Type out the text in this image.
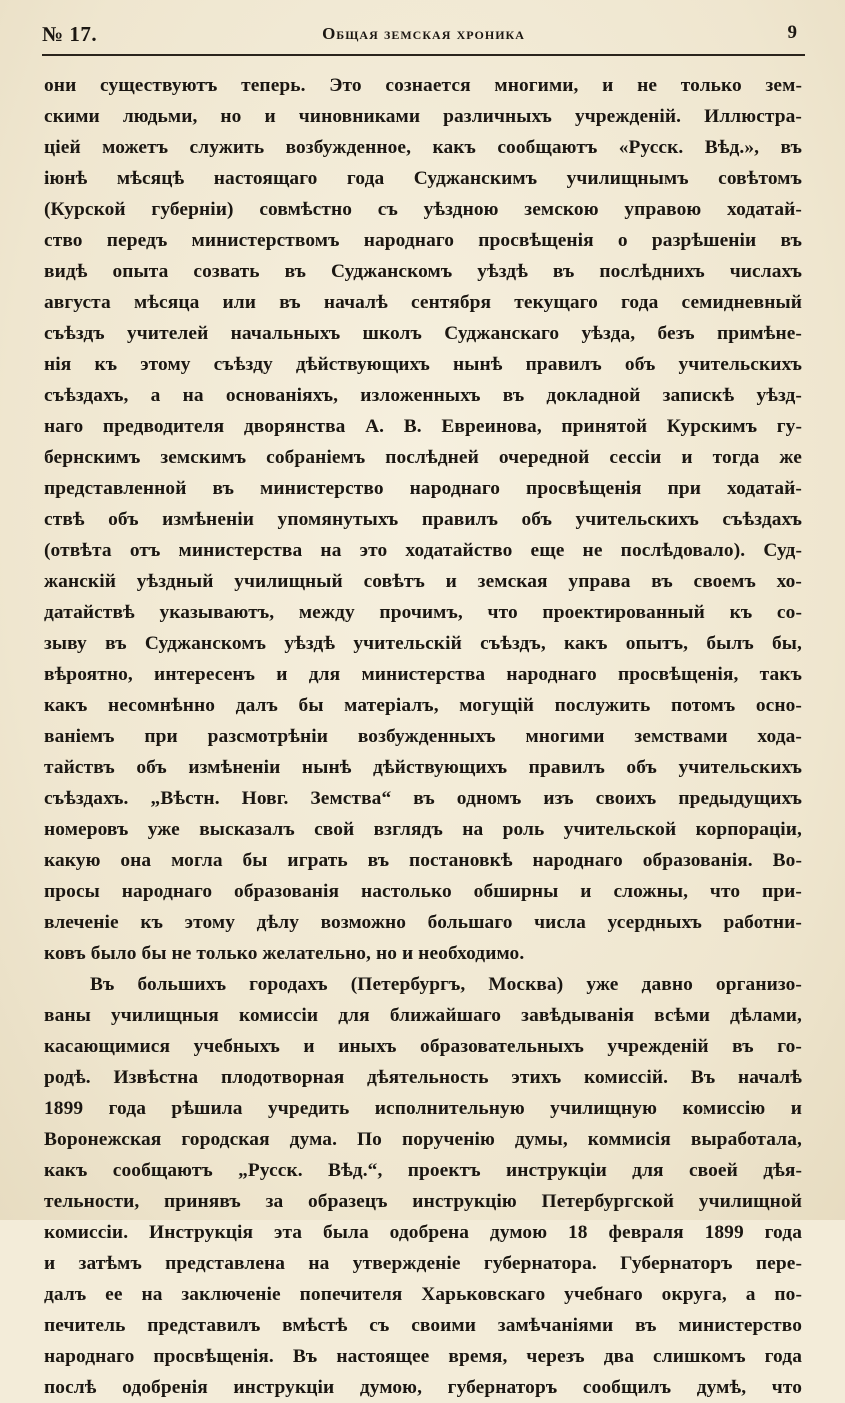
№ 17.	Общая земская хроника	9
они существуютъ теперь. Это сознается многими, и не только зем-
скими людьми, но и чиновниками различныхъ учрежденій. Иллюстра-
ціей можетъ служить возбужденное, какъ сообщаютъ «Русск. Вѣд.», въ
іюнѣ мѣсяцѣ настоящаго года Суджанскимъ училищнымъ совѣтомъ
(Курской губерніи) совмѣстно съ уѣздною земскою управою ходатай-
ство передъ министерствомъ народнаго просвѣщенія о разрѣшеніи въ
видѣ опыта созвать въ Суджанскомъ уѣздѣ въ послѣднихъ числахъ
августа мѣсяца или въ началѣ сентября текущаго года семидневный
съѣздъ учителей начальныхъ школъ Суджанскаго уѣзда, безъ примѣне-
нія къ этому съѣзду дѣйствующихъ нынѣ правилъ объ учительскихъ
съѣздахъ, а на основаніяхъ, изложенныхъ въ докладной запискѣ уѣзд-
наго предводителя дворянства А. В. Евреинова, принятой Курскимъ гу-
бернскимъ земскимъ собраніемъ послѣдней очередной сессіи и тогда же
представленной въ министерство народнаго просвѣщенія при ходатай-
ствѣ объ измѣненіи упомянутыхъ правилъ объ учительскихъ съѣздахъ
(отвѣта отъ министерства на это ходатайство еще не послѣдовало). Суд-
жанскій уѣздный училищный совѣтъ и земская управа въ своемъ хо-
датайствѣ указываютъ, между прочимъ, что проектированный къ со-
зыву въ Суджанскомъ уѣздѣ учительскій съѣздъ, какъ опытъ, былъ бы,
вѣроятно, интересенъ и для министерства народнаго просвѣщенія, такъ
какъ несомнѣнно далъ бы матеріалъ, могущій послужить потомъ осно-
ваніемъ при разсмотрѣніи возбужденныхъ многими земствами хода-
тайствъ объ измѣненіи нынѣ дѣйствующихъ правилъ объ учительскихъ
съѣздахъ. „Вѣстн. Новг. Земства“ въ одномъ изъ своихъ предыдущихъ
номеровъ уже высказалъ свой взглядъ на роль учительской корпораціи,
какую она могла бы играть въ постановкѣ народнаго образованія. Во-
просы народнаго образованія настолько обширны и сложны, что при-
влеченіе къ этому дѣлу возможно большаго числа усердныхъ работни-
ковъ было бы не только желательно, но и необходимо.
Въ большихъ городахъ (Петербургъ, Москва) уже давно организо-
ваны училищныя комиссіи для ближайшаго завѣдыванія всѣми дѣлами,
касающимися учебныхъ и иныхъ образовательныхъ учрежденій въ го-
родѣ. Извѣстна плодотворная дѣятельность этихъ комиссій. Въ началѣ
1899 года рѣшила учредить исполнительную училищную комиссію и
Воронежская городская дума. По порученію думы, коммисія выработала,
какъ сообщаютъ „Русск. Вѣд.“, проектъ инструкціи для своей дѣя-
тельности, принявъ за образецъ инструкцію Петербургской училищной
комиссіи. Инструкція эта была одобрена думою 18 февраля 1899 года
и затѣмъ представлена на утвержденіе губернатора. Губернаторъ пере-
далъ ее на заключеніе попечителя Харьковскаго учебнаго округа, а по-
печитель представилъ вмѣстѣ съ своими замѣчаніями въ министерство
народнаго просвѣщенія. Въ настоящее время, черезъ два слишкомъ года
послѣ одобренія инструкціи думою, губернаторъ сообщилъ думѣ, что
